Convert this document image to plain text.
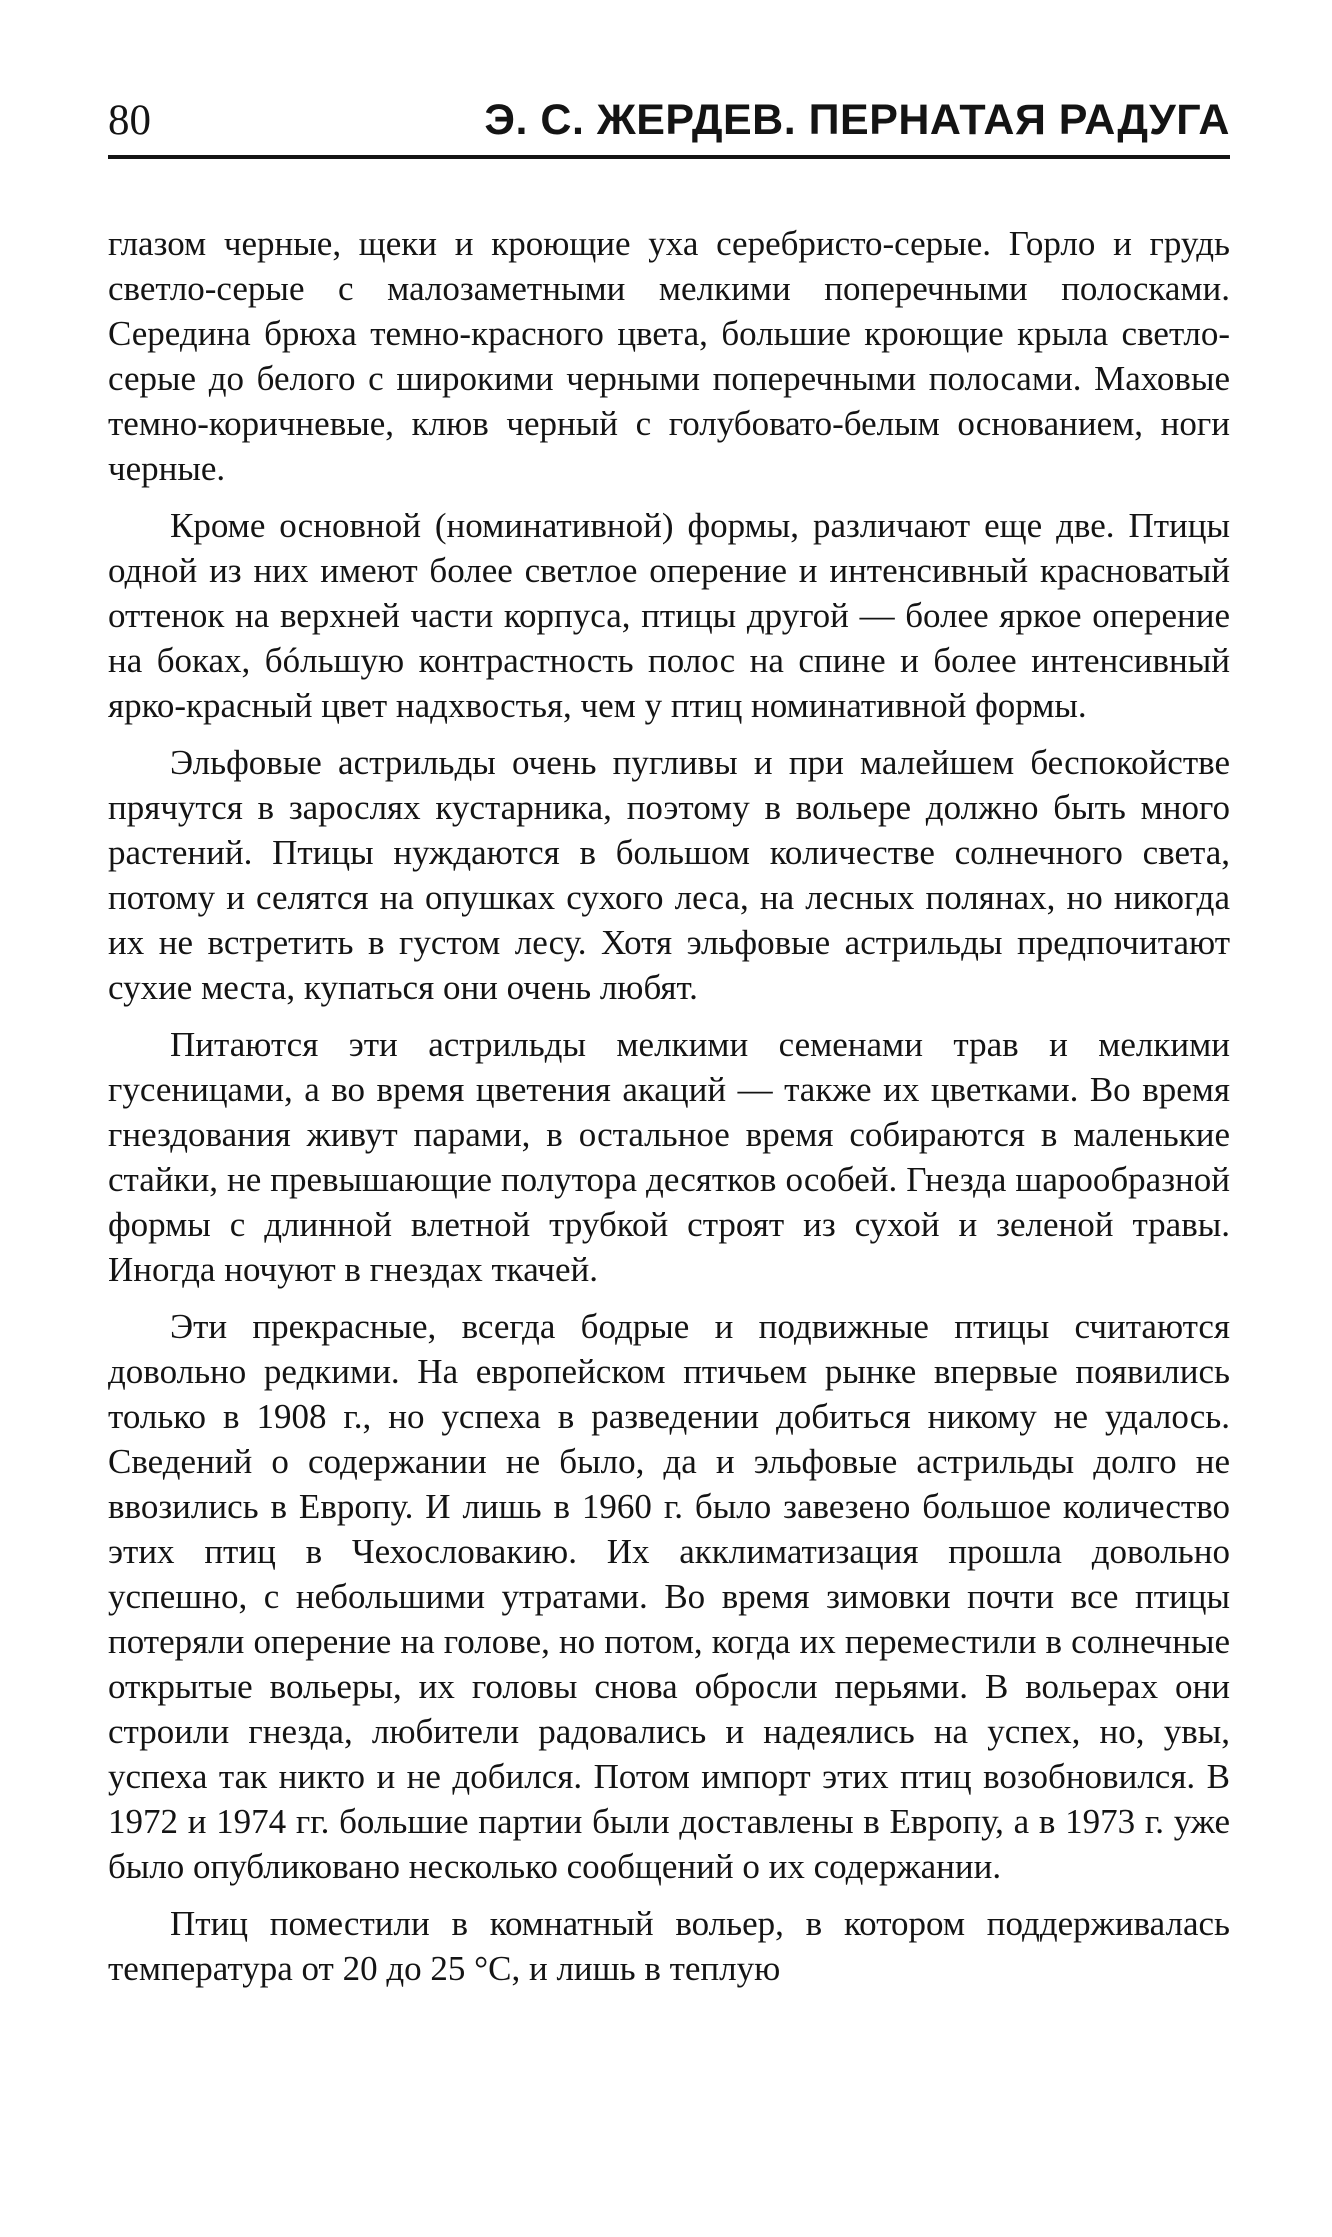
80	Э. С. ЖЕРДЕВ. ПЕРНАТАЯ РАДУГА

глазом черные, щеки и кроющие уха серебристо-серые. Горло и грудь светло-серые с малозаметными мелкими поперечными полосками. Середина брюха темно-красного цвета, большие кроющие крыла светло-серые до белого с широкими черными поперечными полосами. Маховые темно-коричневые, клюв черный с голубовато-белым основанием, ноги черные.

Кроме основной (номинативной) формы, различают еще две. Птицы одной из них имеют более светлое оперение и интенсивный красноватый оттенок на верхней части корпуса, птицы другой — более яркое оперение на боках, бóльшую контрастность полос на спине и более интенсивный ярко-красный цвет надхвостья, чем у птиц номинативной формы.

Эльфовые астрильды очень пугливы и при малейшем беспокойстве прячутся в зарослях кустарника, поэтому в вольере должно быть много растений. Птицы нуждаются в большом количестве солнечного света, потому и селятся на опушках сухого леса, на лесных полянах, но никогда их не встретить в густом лесу. Хотя эльфовые астрильды предпочитают сухие места, купаться они очень любят.

Питаются эти астрильды мелкими семенами трав и мелкими гусеницами, а во время цветения акаций — также их цветками. Во время гнездования живут парами, в остальное время собираются в маленькие стайки, не превышающие полутора десятков особей. Гнезда шарообразной формы с длинной влетной трубкой строят из сухой и зеленой травы. Иногда ночуют в гнездах ткачей.

Эти прекрасные, всегда бодрые и подвижные птицы считаются довольно редкими. На европейском птичьем рынке впервые появились только в 1908 г., но успеха в разведении добиться никому не удалось. Сведений о содержании не было, да и эльфовые астрильды долго не ввозились в Европу. И лишь в 1960 г. было завезено большое количество этих птиц в Чехословакию. Их акклиматизация прошла довольно успешно, с небольшими утратами. Во время зимовки почти все птицы потеряли оперение на голове, но потом, когда их переместили в солнечные открытые вольеры, их головы снова обросли перьями. В вольерах они строили гнезда, любители радовались и надеялись на успех, но, увы, успеха так никто и не добился. Потом импорт этих птиц возобновился. В 1972 и 1974 гг. большие партии были доставлены в Европу, а в 1973 г. уже было опубликовано несколько сообщений о их содержании.

Птиц поместили в комнатный вольер, в котором поддерживалась температура от 20 до 25 °С, и лишь в теплую
